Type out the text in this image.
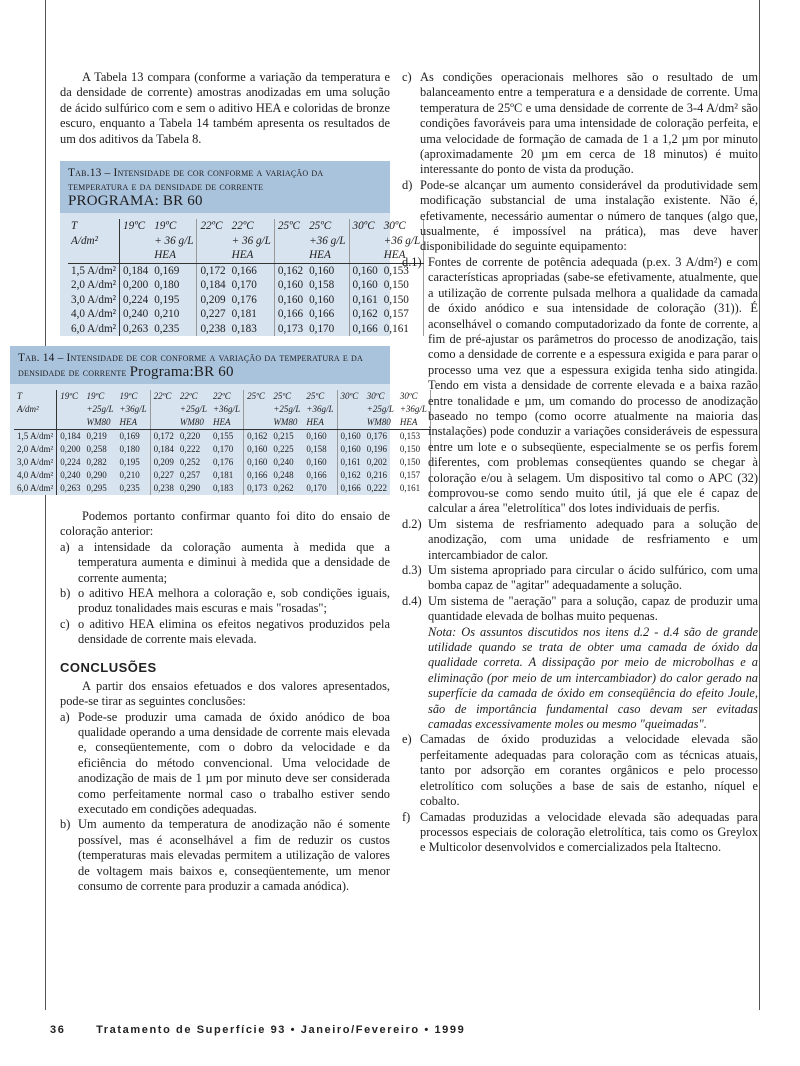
A Tabela 13 compara (conforme a variação da temperatura e da densidade de corrente) amostras anodizadas em uma solução de ácido sulfúrico com e sem o aditivo HEA e coloridas de bronze escuro, enquanto a Tabela 14 também apresenta os resultados de um dos aditivos da Tabela 8.

Tab.13 – Intensidade de cor conforme a variação da temperatura e da densidade de corrente
PROGRAMA: BR 60
T	19ºC	19ºC	22ºC	22ºC	25ºC	25ºC	30ºC	30ºC
A/dm²		+ 36 g/L		+ 36 g/L		+36 g/L		+36 g/L
		HEA		HEA		HEA		HEA
1,5 A/dm²	0,184	0,169	0,172	0,166	0,162	0,160	0,160	0,153
2,0 A/dm²	0,200	0,180	0,184	0,170	0,160	0,158	0,160	0,150
3,0 A/dm²	0,224	0,195	0,209	0,176	0,160	0,160	0,161	0,150
4,0 A/dm²	0,240	0,210	0,227	0,181	0,166	0,166	0,162	0,157
6,0 A/dm²	0,263	0,235	0,238	0,183	0,173	0,170	0,166	0,161
Tab. 14 – Intensidade de cor conforme a variação da temperatura e da densidade de corrente Programa:BR 60
T	19ºC	19ºC	19ºC	22ºC	22ºC	22ºC	25ºC	25ºC	25ºC	30ºC	30ºC	30ºC
A/dm²		+25g/L	+36g/L		+25g/L	+36g/L		+25g/L	+36g/L		+25g/L	+36g/L
		WM80	HEA		WM80	HEA		WM80	HEA		WM80	HEA
1,5 A/dm²	0,184	0,219	0,169	0,172	0,220	0,155	0,162	0,215	0,160	0,160	0,176	0,153
2,0 A/dm²	0,200	0,258	0,180	0,184	0,222	0,170	0,160	0,225	0,158	0,160	0,196	0,150
3,0 A/dm²	0,224	0,282	0,195	0,209	0,252	0,176	0,160	0,240	0,160	0,161	0,202	0,150
4,0 A/dm²	0,240	0,290	0,210	0,227	0,257	0,181	0,166	0,248	0,166	0,162	0,216	0,157
6,0 A/dm²	0,263	0,295	0,235	0,238	0,290	0,183	0,173	0,262	0,170	0,166	0,222	0,161

Podemos portanto confirmar quanto foi dito do ensaio de coloração anterior:

a) a intensidade da coloração aumenta à medida que a temperatura aumenta e diminui à medida que a densidade de corrente aumenta;
b) o aditivo HEA melhora a coloração e, sob condições iguais, produz tonalidades mais escuras e mais "rosadas";
c) o aditivo HEA elimina os efeitos negativos produzidos pela densidade de corrente mais elevada.
CONCLUSÕES

A partir dos ensaios efetuados e dos valores apresentados, pode-se tirar as seguintes conclusões:

a) Pode-se produzir uma camada de óxido anódico de boa qualidade operando a uma densidade de corrente mais elevada e, conseqüentemente, com o dobro da velocidade e da eficiência do método convencional. Uma velocidade de anodização de mais de 1 µm por minuto deve ser considerada como perfeitamente normal caso o trabalho estiver sendo executado em condições adequadas.
b) Um aumento da temperatura de anodização não é somente possível, mas é aconselhável a fim de reduzir os custos (temperaturas mais elevadas permitem a utilização de valores de voltagem mais baixos e, conseqüentemente, um menor consumo de corrente para produzir a camada anódica).
c) As condições operacionais melhores são o resultado de um balanceamento entre a temperatura e a densidade de corrente. Uma temperatura de 25ºC e uma densidade de corrente de 3-4 A/dm² são condições favoráveis para uma intensidade de coloração perfeita, e uma velocidade de formação de camada de 1 a 1,2 µm por minuto (aproximadamente 20 µm em cerca de 18 minutos) é muito interessante do ponto de vista da produção.
d) Pode-se alcançar um aumento considerável da produtividade sem modificação substancial de uma instalação existente. Não é, efetivamente, necessário aumentar o número de tanques (algo que, usualmente, é impossível na prática), mas deve haver disponibilidade do seguinte equipamento:
d.1) Fontes de corrente de potência adequada (p.ex. 3 A/dm²) e com características apropriadas (sabe-se efetivamente, atualmente, que a utilização de corrente pulsada melhora a qualidade da camada de óxido anódico e sua intensidade de coloração (31)). É aconselhável o comando computadorizado da fonte de corrente, a fim de pré-ajustar os parâmetros do processo de anodização, tais como a densidade de corrente e a espessura exigida e para parar o processo uma vez que a espessura exigida tenha sido atingida. Tendo em vista a densidade de corrente elevada e a baixa razão entre tonalidade e µm, um comando do processo de anodização baseado no tempo (como ocorre atualmente na maioria das instalações) pode conduzir a variações consideráveis de espessura entre um lote e o subseqüente, especialmente se os perfis forem diferentes, com problemas conseqüentes quando se chegar à coloração e/ou à selagem. Um dispositivo tal como o APC (32) comprovou-se como sendo muito útil, já que ele é capaz de calcular a área "eletrolítica" dos lotes individuais de perfis.
d.2) Um sistema de resfriamento adequado para a solução de anodização, com uma unidade de resfriamento e um intercambiador de calor.
d.3) Um sistema apropriado para circular o ácido sulfúrico, com uma bomba capaz de "agitar" adequadamente a solução.
d.4) Um sistema de "aeração" para a solução, capaz de produzir uma quantidade elevada de bolhas muito pequenas.

Nota: Os assuntos discutidos nos itens d.2 - d.4 são de grande utilidade quando se trata de obter uma camada de óxido da qualidade correta. A dissipação por meio de microbolhas e a eliminação (por meio de um intercambiador) do calor gerado na superfície da camada de óxido em conseqüência do efeito Joule, são de importância fundamental caso devam ser evitadas camadas excessivamente moles ou mesmo "queimadas".

e) Camadas de óxido produzidas a velocidade elevada são perfeitamente adequadas para coloração com as técnicas atuais, tanto por adsorção em corantes orgânicos e pelo processo eletrolítico com soluções a base de sais de estanho, níquel e cobalto.
f) Camadas produzidas a velocidade elevada são adequadas para processos especiais de coloração eletrolítica, tais como os Greylox e Multicolor desenvolvidos e comercializados pela Italtecno.
36	Tratamento de Superfície 93 • Janeiro/Fevereiro • 1999
